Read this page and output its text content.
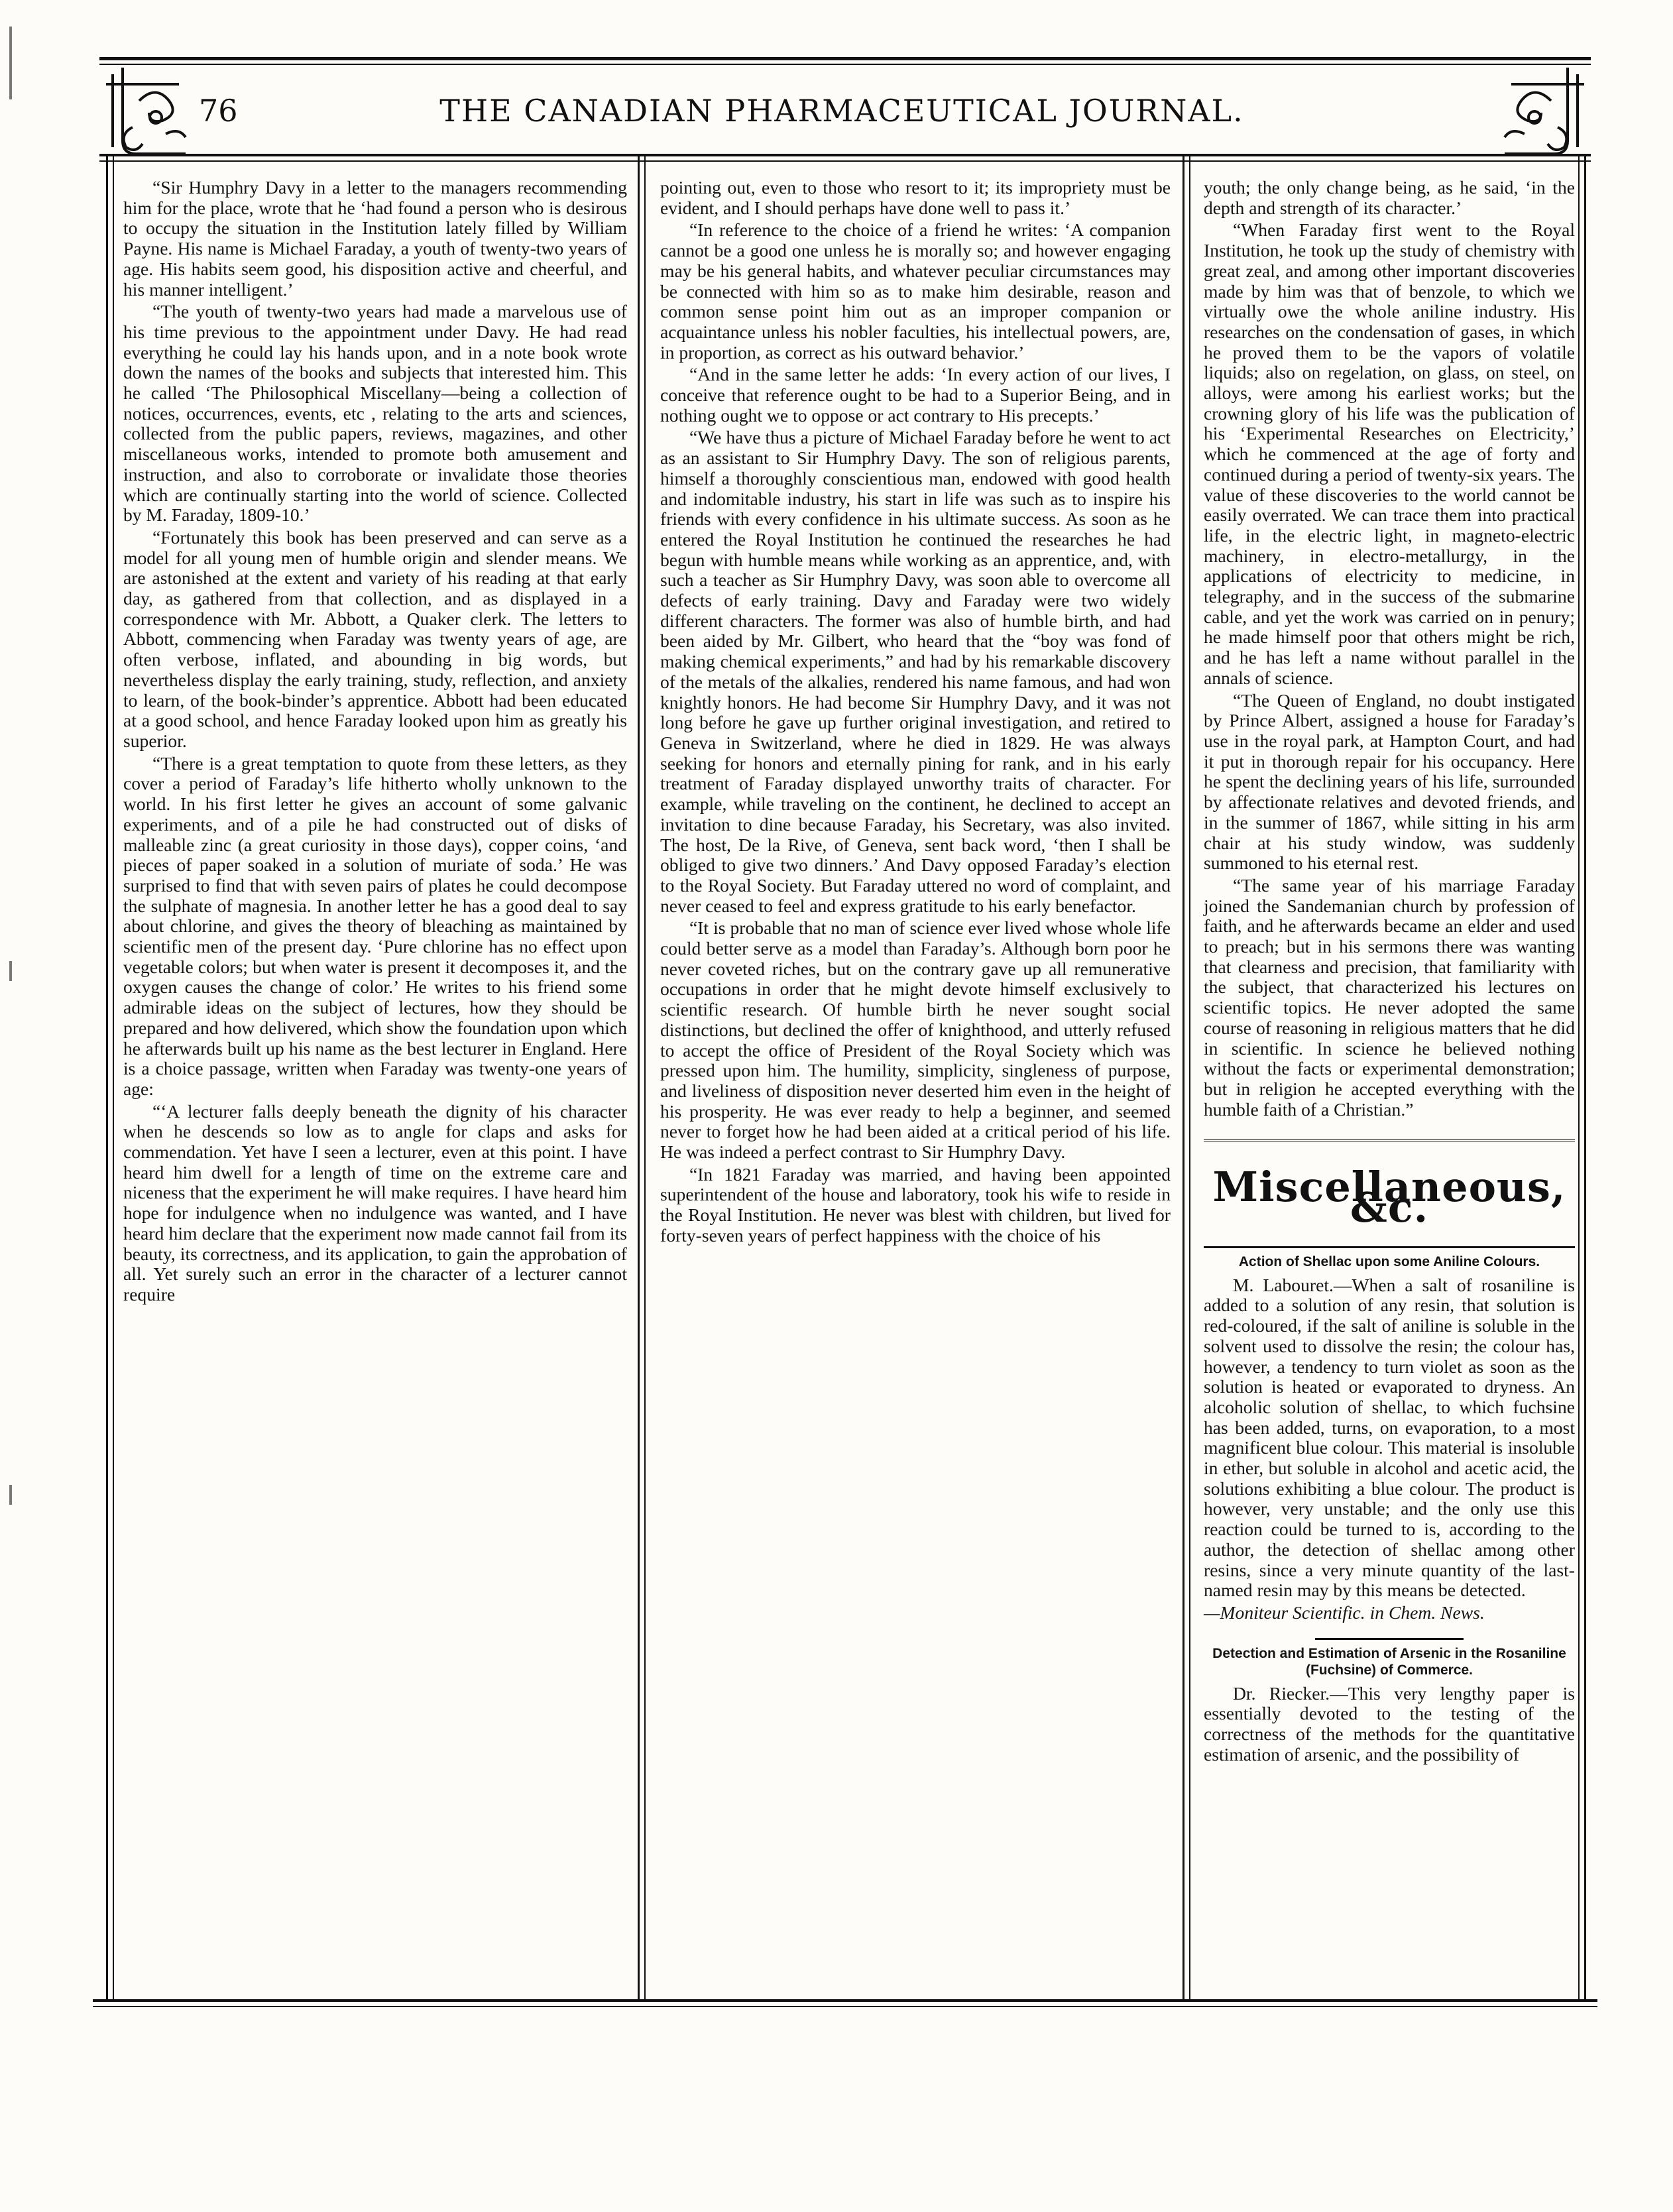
76	THE CANADIAN PHARMACEUTICAL JOURNAL.

“Sir Humphry Davy in a letter to the managers recommending him for the place, wrote that he ‘had found a person who is desirous to occupy the situation in the Institution lately filled by William Payne. His name is Michael Faraday, a youth of twenty-two years of age. His habits seem good, his disposition active and cheerful, and his manner intelligent.’

“The youth of twenty-two years had made a marvelous use of his time previous to the appointment under Davy. He had read everything he could lay his hands upon, and in a note book wrote down the names of the books and subjects that interested him. This he called ‘The Philosophical Miscellany—being a collection of notices, occurrences, events, etc , relating to the arts and sciences, collected from the public papers, reviews, magazines, and other miscellaneous works, intended to promote both amusement and instruction, and also to corroborate or invalidate those theories which are continually starting into the world of science. Collected by M. Faraday, 1809-10.’

“Fortunately this book has been preserved and can serve as a model for all young men of humble origin and slender means. We are astonished at the extent and variety of his reading at that early day, as gathered from that collection, and as displayed in a correspondence with Mr. Abbott, a Quaker clerk. The letters to Abbott, commencing when Faraday was twenty years of age, are often verbose, inflated, and abounding in big words, but nevertheless display the early training, study, reflection, and anxiety to learn, of the book-binder’s apprentice. Abbott had been educated at a good school, and hence Faraday looked upon him as greatly his superior.

“There is a great temptation to quote from these letters, as they cover a period of Faraday’s life hitherto wholly unknown to the world. In his first letter he gives an account of some galvanic experiments, and of a pile he had constructed out of disks of malleable zinc (a great curiosity in those days), copper coins, ‘and pieces of paper soaked in a solution of muriate of soda.’ He was surprised to find that with seven pairs of plates he could decompose the sulphate of magnesia. In another letter he has a good deal to say about chlorine, and gives the theory of bleaching as maintained by scientific men of the present day. ‘Pure chlorine has no effect upon vegetable colors; but when water is present it decomposes it, and the oxygen causes the change of color.’ He writes to his friend some admirable ideas on the subject of lectures, how they should be prepared and how delivered, which show the foundation upon which he afterwards built up his name as the best lecturer in England. Here is a choice passage, written when Faraday was twenty-one years of age:

“‘A lecturer falls deeply beneath the dignity of his character when he descends so low as to angle for claps and asks for commendation. Yet have I seen a lecturer, even at this point. I have heard him dwell for a length of time on the extreme care and niceness that the experiment he will make requires. I have heard him hope for indulgence when no indulgence was wanted, and I have heard him declare that the experiment now made cannot fail from its beauty, its correctness, and its application, to gain the approbation of all. Yet surely such an error in the character of a lecturer cannot require

pointing out, even to those who resort to it; its impropriety must be evident, and I should perhaps have done well to pass it.’

“In reference to the choice of a friend he writes: ‘A companion cannot be a good one unless he is morally so; and however engaging may be his general habits, and whatever peculiar circumstances may be connected with him so as to make him desirable, reason and common sense point him out as an improper companion or acquaintance unless his nobler faculties, his intellectual powers, are, in proportion, as correct as his outward behavior.’

“And in the same letter he adds: ‘In every action of our lives, I conceive that reference ought to be had to a Superior Being, and in nothing ought we to oppose or act contrary to His precepts.’

“We have thus a picture of Michael Faraday before he went to act as an assistant to Sir Humphry Davy. The son of religious parents, himself a thoroughly conscientious man, endowed with good health and indomitable industry, his start in life was such as to inspire his friends with every confidence in his ultimate success. As soon as he entered the Royal Institution he continued the researches he had begun with humble means while working as an apprentice, and, with such a teacher as Sir Humphry Davy, was soon able to overcome all defects of early training. Davy and Faraday were two widely different characters. The former was also of humble birth, and had been aided by Mr. Gilbert, who heard that the “boy was fond of making chemical experiments,” and had by his remarkable discovery of the metals of the alkalies, rendered his name famous, and had won knightly honors. He had become Sir Humphry Davy, and it was not long before he gave up further original investigation, and retired to Geneva in Switzerland, where he died in 1829. He was always seeking for honors and eternally pining for rank, and in his early treatment of Faraday displayed unworthy traits of character. For example, while traveling on the continent, he declined to accept an invitation to dine because Faraday, his Secretary, was also invited. The host, De la Rive, of Geneva, sent back word, ‘then I shall be obliged to give two dinners.’ And Davy opposed Faraday’s election to the Royal Society. But Faraday uttered no word of complaint, and never ceased to feel and express gratitude to his early benefactor.

“It is probable that no man of science ever lived whose whole life could better serve as a model than Faraday’s. Although born poor he never coveted riches, but on the contrary gave up all remunerative occupations in order that he might devote himself exclusively to scientific research. Of humble birth he never sought social distinctions, but declined the offer of knighthood, and utterly refused to accept the office of President of the Royal Society which was pressed upon him. The humility, simplicity, singleness of purpose, and liveliness of disposition never deserted him even in the height of his prosperity. He was ever ready to help a beginner, and seemed never to forget how he had been aided at a critical period of his life. He was indeed a perfect contrast to Sir Humphry Davy.

“In 1821 Faraday was married, and having been appointed superintendent of the house and laboratory, took his wife to reside in the Royal Institution. He never was blest with children, but lived for forty-seven years of perfect happiness with the choice of his

youth; the only change being, as he said, ‘in the depth and strength of its character.’

“When Faraday first went to the Royal Institution, he took up the study of chemistry with great zeal, and among other important discoveries made by him was that of benzole, to which we virtually owe the whole aniline industry. His researches on the condensation of gases, in which he proved them to be the vapors of volatile liquids; also on regelation, on glass, on steel, on alloys, were among his earliest works; but the crowning glory of his life was the publication of his ‘Experimental Researches on Electricity,’ which he commenced at the age of forty and continued during a period of twenty-six years. The value of these discoveries to the world cannot be easily overrated. We can trace them into practical life, in the electric light, in magneto-electric machinery, in electro-metallurgy, in the applications of electricity to medicine, in telegraphy, and in the success of the submarine cable, and yet the work was carried on in penury; he made himself poor that others might be rich, and he has left a name without parallel in the annals of science.

“The Queen of England, no doubt instigated by Prince Albert, assigned a house for Faraday’s use in the royal park, at Hampton Court, and had it put in thorough repair for his occupancy. Here he spent the declining years of his life, surrounded by affectionate relatives and devoted friends, and in the summer of 1867, while sitting in his arm chair at his study window, was suddenly summoned to his eternal rest.

“The same year of his marriage Faraday joined the Sandemanian church by profession of faith, and he afterwards became an elder and used to preach; but in his sermons there was wanting that clearness and precision, that familiarity with the subject, that characterized his lectures on scientific topics. He never adopted the same course of reasoning in religious matters that he did in scientific. In science he believed nothing without the facts or experimental demonstration; but in religion he accepted everything with the humble faith of a Christian.”

Miscellaneous, &c.
Action of Shellac upon some Aniline Colours.

M. Labouret.—When a salt of rosaniline is added to a solution of any resin, that solution is red-coloured, if the salt of aniline is soluble in the solvent used to dissolve the resin; the colour has, however, a tendency to turn violet as soon as the solution is heated or evaporated to dryness. An alcoholic solution of shellac, to which fuchsine has been added, turns, on evaporation, to a most magnificent blue colour. This material is insoluble in ether, but soluble in alcohol and acetic acid, the solutions exhibiting a blue colour. The product is however, very unstable; and the only use this reaction could be turned to is, according to the author, the detection of shellac among other resins, since a very minute quantity of the last-named resin may by this means be detected.

—Moniteur Scientific. in Chem. News.

Detection and Estimation of Arsenic in the Rosaniline (Fuchsine) of Commerce.

Dr. Riecker.—This very lengthy paper is essentially devoted to the testing of the correctness of the methods for the quantitative estimation of arsenic, and the possibility of
